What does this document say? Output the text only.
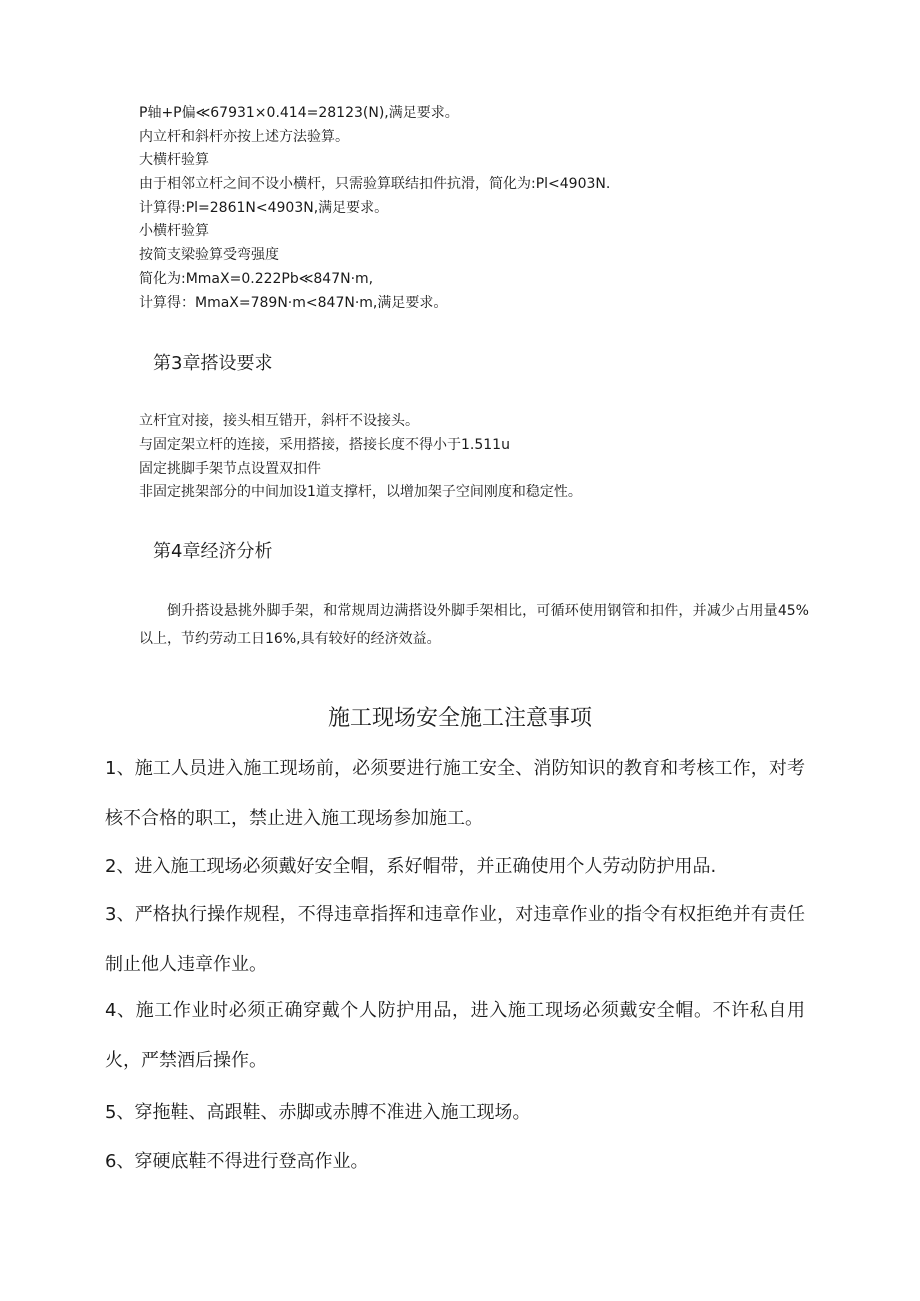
P轴+P偏≪67931×0.414=28123(N),满足要求。
内立杆和斜杆亦按上述方法验算。
大横杆验算
由于相邻立杆之间不设小横杆，只需验算联结扣件抗滑，简化为:Pl<4903N.
计算得:Pl=2861N<4903N,满足要求。
小横杆验算
按简支梁验算受弯强度
简化为:MmaX=0.222Pb≪847N·m,
计算得：MmaX=789N·m<847N·m,满足要求。
第3章搭设要求
立杆宜对接，接头相互错开，斜杆不设接头。
与固定架立杆的连接，采用搭接，搭接长度不得小于1.511u
固定挑脚手架节点设置双扣件
非固定挑架部分的中间加设1道支撑杆，以增加架子空间刚度和稳定性。
第4章经济分析
倒升搭设悬挑外脚手架，和常规周边满搭设外脚手架相比，可循环使用钢管和扣件，并减少占用量45%以上，节约劳动工日16%,具有较好的经济效益。
施工现场安全施工注意事项
1、施工人员进入施工现场前，必须要进行施工安全、消防知识的教育和考核工作，对考核不合格的职工，禁止进入施工现场参加施工。
2、进入施工现场必须戴好安全帽，系好帽带，并正确使用个人劳动防护用品.
3、严格执行操作规程，不得违章指挥和违章作业，对违章作业的指令有权拒绝并有责任制止他人违章作业。
4、施工作业时必须正确穿戴个人防护用品，进入施工现场必须戴安全帽。不许私自用火，严禁酒后操作。
5、穿拖鞋、高跟鞋、赤脚或赤膊不准进入施工现场。
6、穿硬底鞋不得进行登高作业。
